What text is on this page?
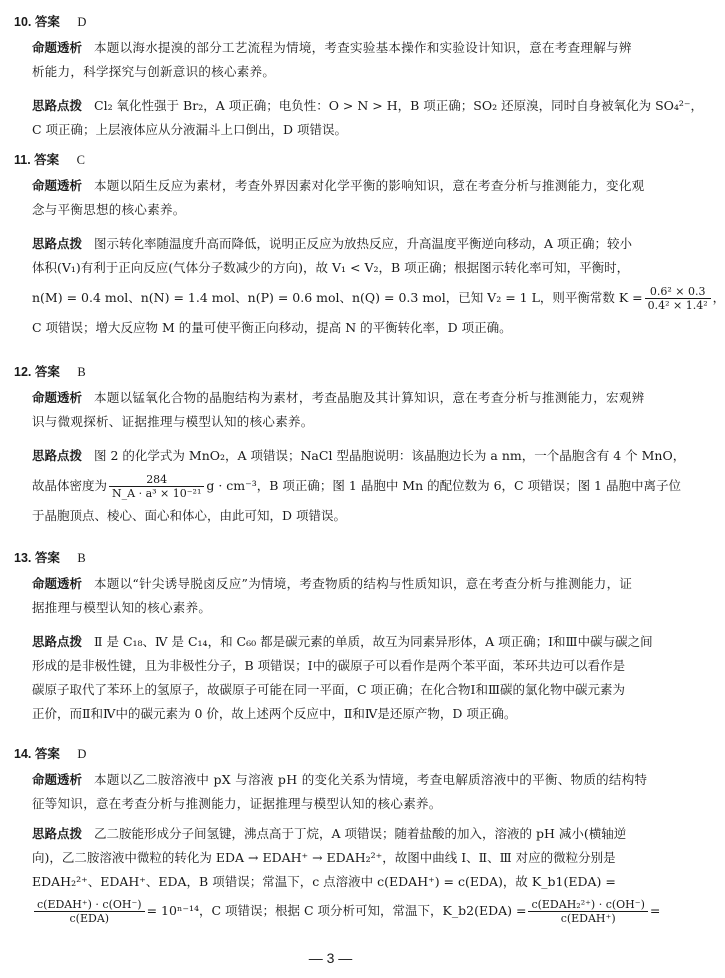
10. 答案 D
命题透析 本题以海水提溴的部分工艺流程为情境，考查实验基本操作和实验设计知识，意在考查理解与辨
析能力，科学探究与创新意识的核心素养。
思路点拨 Cl₂ 氧化性强于 Br₂，A 项正确；电负性：O > N > H，B 项正确；SO₂ 还原溴，同时自身被氧化为 SO₄²⁻，
C 项正确；上层液体应从分液漏斗上口倒出，D 项错误。
11. 答案 C
命题透析 本题以陌生反应为素材，考查外界因素对化学平衡的影响知识，意在考查分析与推测能力，变化观
念与平衡思想的核心素养。
思路点拨 图示转化率随温度升高而降低，说明正反应为放热反应，升高温度平衡逆向移动，A 项正确；较小
体积(V₁)有利于正向反应(气体分子数减少的方向)，故 V₁ < V₂，B 项正确；根据图示转化率可知，平衡时，
n(M) = 0.4 mol、n(N) = 1.4 mol、n(P) = 0.6 mol、n(Q) = 0.3 mol，已知 V₂ = 1 L，则平衡常数 $K = \frac{\text{0.6² × 0.3}}{\text{0.4² × 1.4²}}$ ，
C 项错误；增大反应物 M 的量可使平衡正向移动，提高 N 的平衡转化率，D 项正确。
12. 答案 B
命题透析 本题以锰氧化合物的晶胞结构为素材，考查晶胞及其计算知识，意在考查分析与推测能力，宏观辨
识与微观探析、证据推理与模型认知的核心素养。
思路点拨 图 2 的化学式为 MnO₂，A 项错误；NaCl 型晶胞说明：该晶胞边长为 a nm，一个晶胞含有 4 个 MnO，
故晶体密度为 $\frac{284}{\text{N\_A · a³ × 10⁻²¹}}$ g · cm⁻³，B 项正确；图 1 晶胞中 Mn 的配位数为 6，C 项错误；图 1 晶胞中离子位
于晶胞顶点、棱心、面心和体心，由此可知，D 项错误。
13. 答案 B
命题透析 本题以“针尖诱导脱卤反应”为情境，考查物质的结构与性质知识，意在考查分析与推测能力，证
据推理与模型认知的核心素养。
思路点拨 Ⅱ 是 C₁₈、Ⅳ 是 C₁₄，和 C₆₀ 都是碳元素的单质，故互为同素异形体，A 项正确；Ⅰ和Ⅲ中碳与碳之间
形成的是非极性键，且为非极性分子，B 项错误；Ⅰ中的碳原子可以看作是两个苯平面，苯环共边可以看作是
碳原子取代了苯环上的氢原子，故碳原子可能在同一平面，C 项正确；在化合物Ⅰ和Ⅲ碳的氯化物中碳元素为
正价，而Ⅱ和Ⅳ中的碳元素为 0 价，故上述两个反应中，Ⅱ和Ⅳ是还原产物，D 项正确。
14. 答案 D
命题透析 本题以乙二胺溶液中 pX 与溶液 pH 的变化关系为情境，考查电解质溶液中的平衡、物质的结构特
征等知识，意在考查分析与推测能力，证据推理与模型认知的核心素养。
思路点拨 乙二胺能形成分子间氢键，沸点高于丁烷，A 项错误；随着盐酸的加入，溶液的 pH 减小(横轴逆
向)，乙二胺溶液中微粒的转化为 EDA → EDAH⁺ → EDAH₂²⁺，故图中曲线 Ⅰ、Ⅱ、Ⅲ 对应的微粒分别是
EDAH₂²⁺、EDAH⁺、EDA，B 项错误；常温下，c 点溶液中 c(EDAH⁺) = c(EDA)，故 K_b1(EDA) =
$\frac{\text{c(EDAH⁺) · c(OH⁻)}}{\text{c(EDA)}} = 10^{n-14}$，C 项错误；根据 C 项分析可知，常温下，K_b2(EDA) = $\frac{\text{c(EDAH₂²⁺) · c(OH⁻)}}{\text{c(EDAH⁺)}}$ =
— 3 —
